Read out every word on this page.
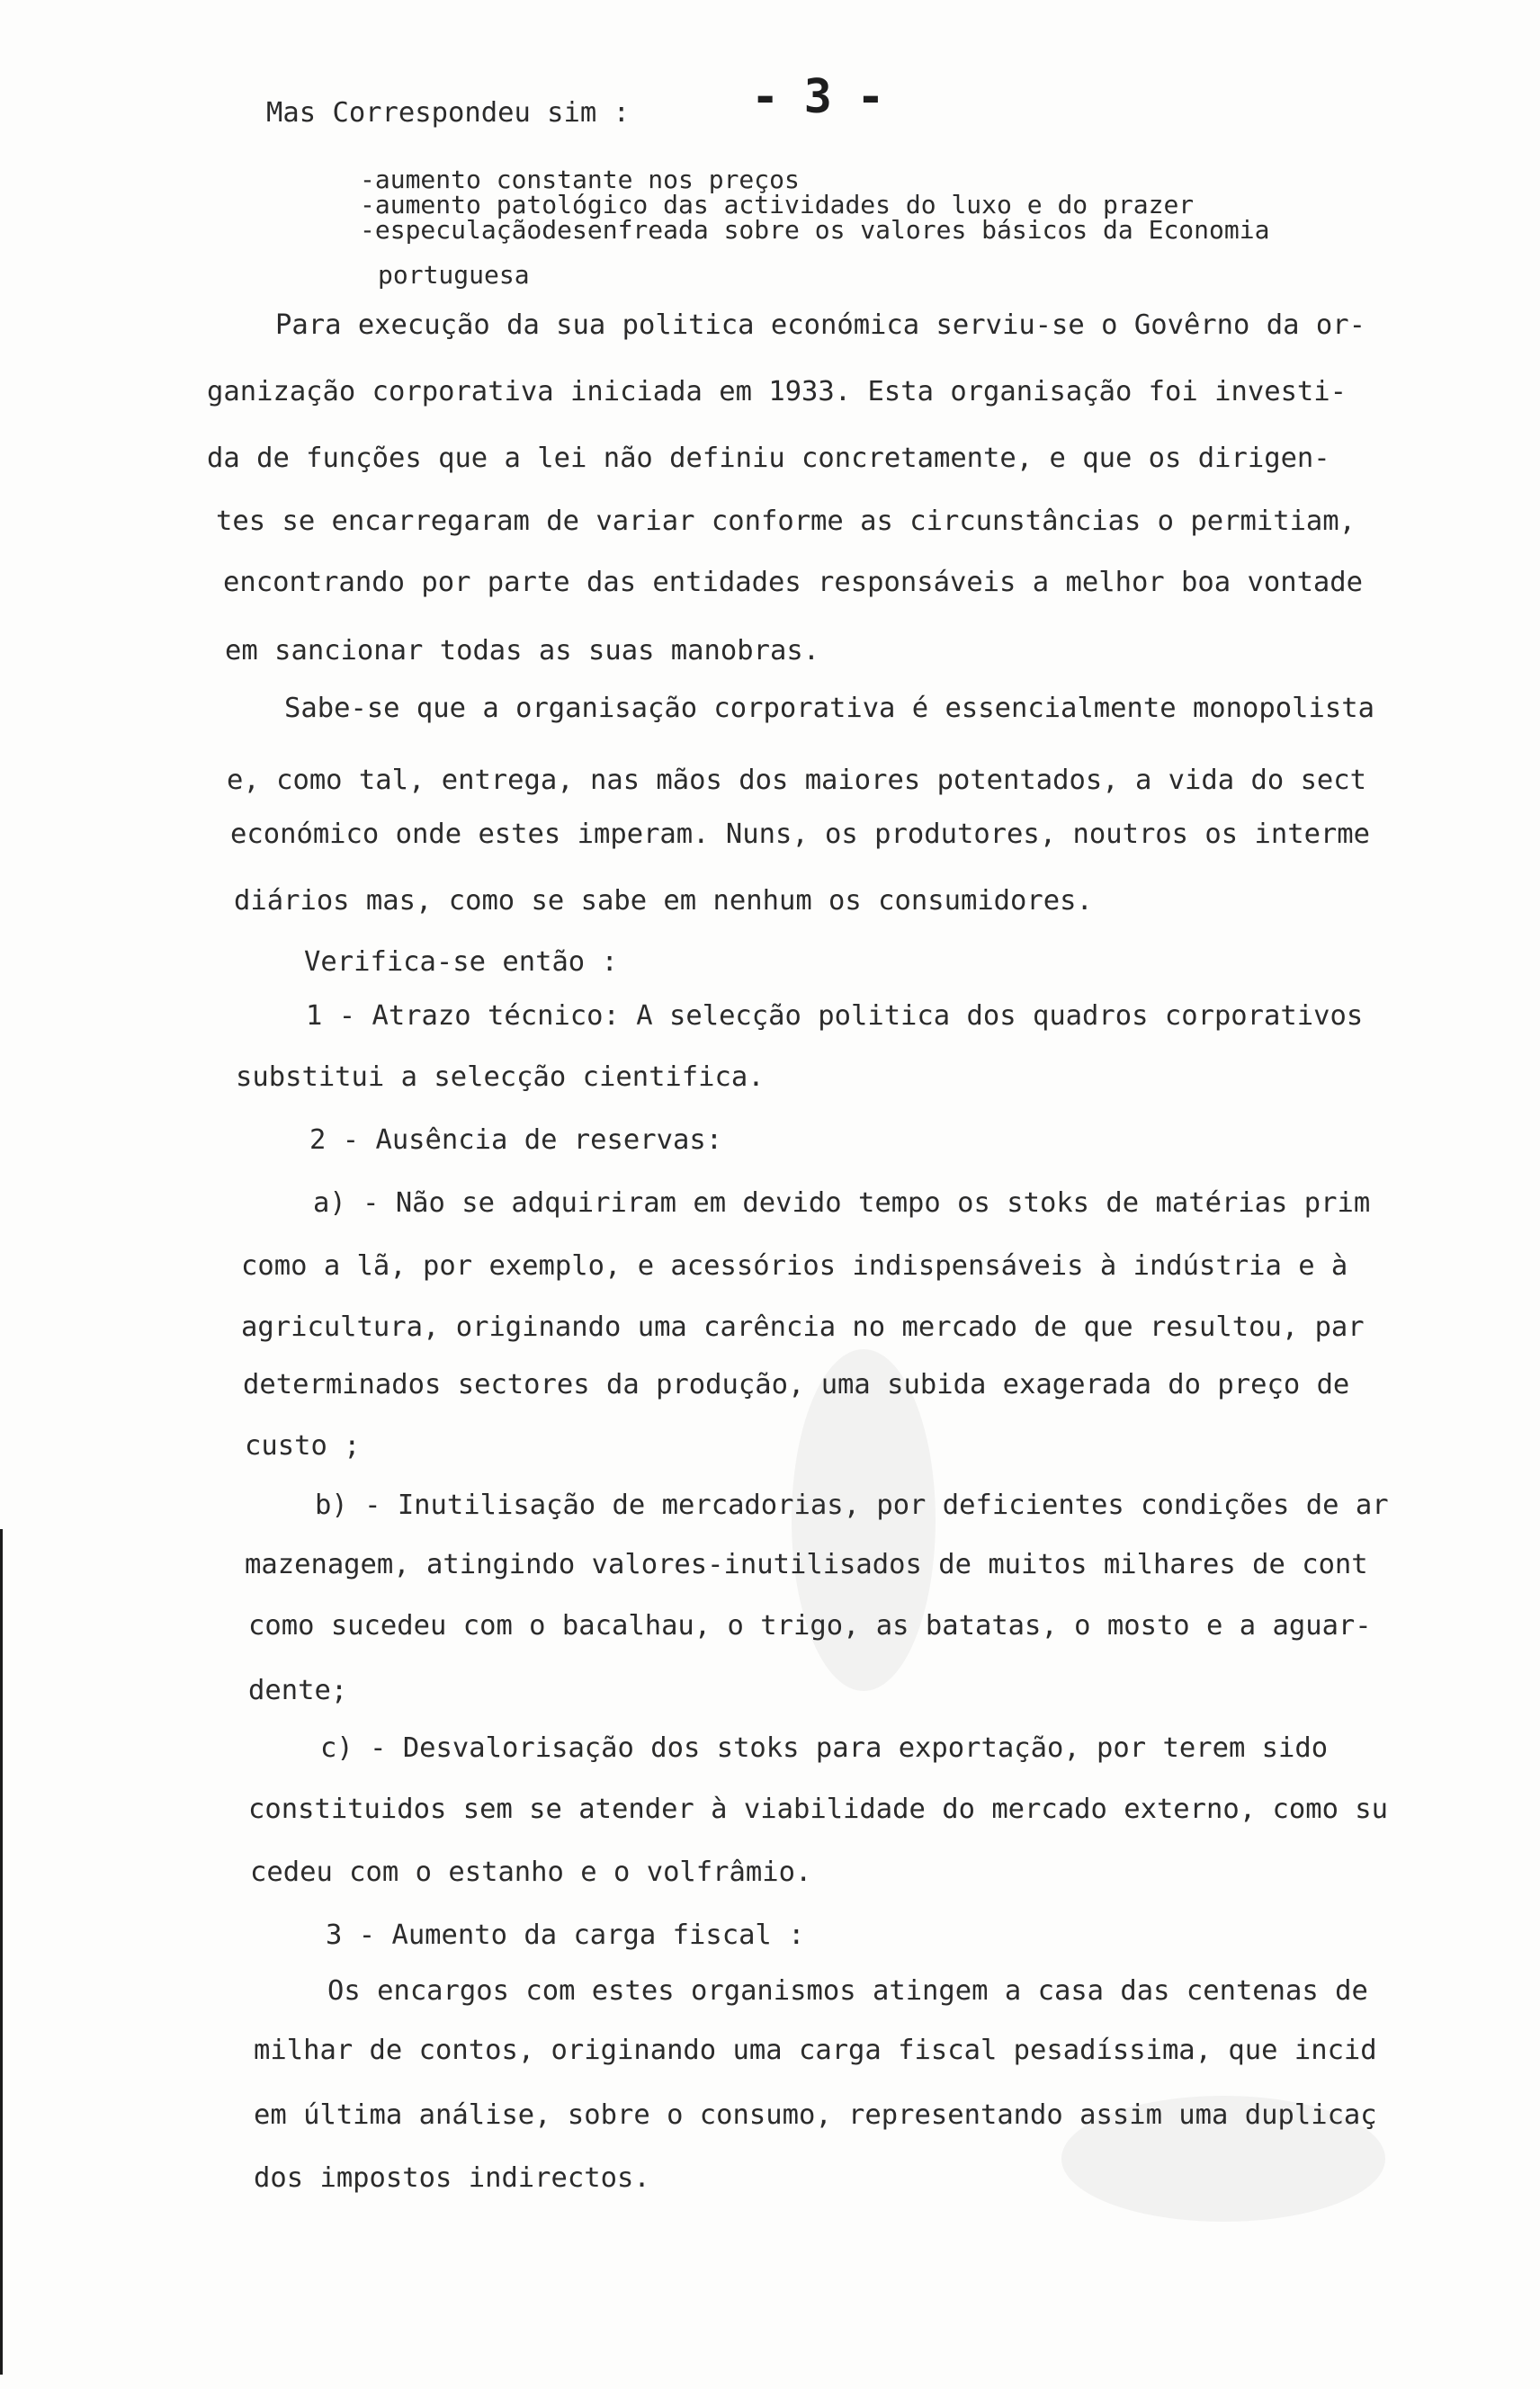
- 3 -
Mas Correspondeu sim :
-aumento constante nos preços
-aumento patológico das actividades do luxo e do prazer
-especulaçãodesenfreada sobre os valores básicos da Economia
portuguesa
Para execução da sua politica económica serviu-se o Govêrno da or-
ganização corporativa iniciada em 1933. Esta organisação foi investi-
da de funções que a lei não definiu concretamente, e que os dirigen-
tes se encarregaram de variar conforme as circunstâncias o permitiam,
encontrando por parte das entidades responsáveis a melhor boa vontade
em sancionar todas as suas manobras.
Sabe-se que a organisação corporativa é essencialmente monopolista
e, como tal, entrega, nas mãos dos maiores potentados, a vida do sect
económico onde estes imperam. Nuns, os produtores, noutros os interme
diários mas, como se sabe em nenhum os consumidores.
Verifica-se então :
1 - Atrazo técnico: A selecção politica dos quadros corporativos
substitui a selecção cientifica.
2 - Ausência de reservas:
a) - Não se adquiriram em devido tempo os stoks de matérias prim
como a lã, por exemplo, e acessórios indispensáveis à indústria e à
agricultura, originando uma carência no mercado de que resultou, par
determinados sectores da produção, uma subida exagerada do preço de
custo ;
b) - Inutilisação de mercadorias, por deficientes condições de ar
mazenagem, atingindo valores-inutilisados de muitos milhares de cont
como sucedeu com o bacalhau, o trigo, as batatas, o mosto e a aguar-
dente;
c) - Desvalorisação dos stoks para exportação, por terem sido
constituidos sem se atender à viabilidade do mercado externo, como su
cedeu com o estanho e o volfrâmio.
3 - Aumento da carga fiscal :
Os encargos com estes organismos atingem a casa das centenas de
milhar de contos, originando uma carga fiscal pesadíssima, que incid
em última análise, sobre o consumo, representando assim uma duplicaç
dos impostos indirectos.
